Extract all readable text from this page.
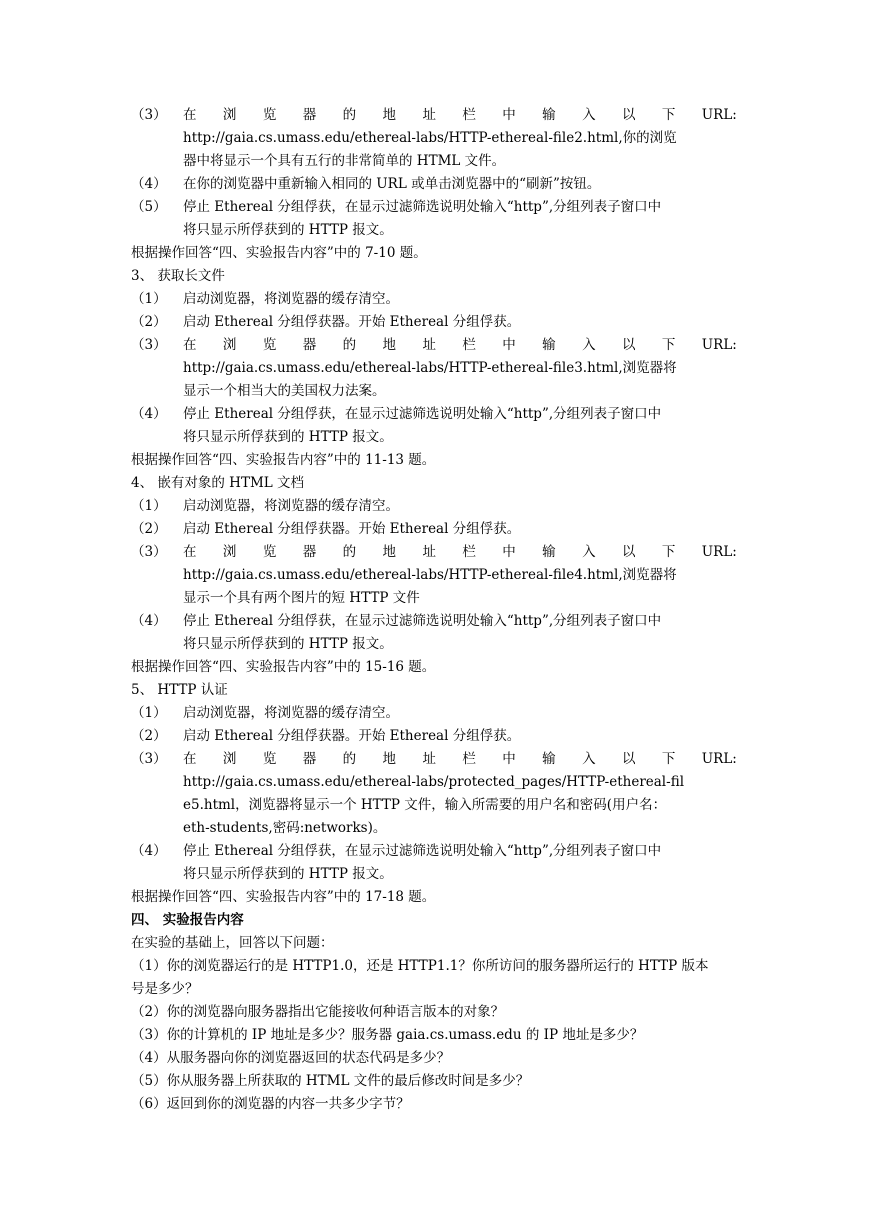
（3）	在 浏 览 器 的 地 址 栏 中 输 入 以 下 URL:
http://gaia.cs.umass.edu/ethereal-labs/HTTP-ethereal-file2.html,你的浏览
器中将显示一个具有五行的非常简单的 HTML 文件。
（4）	在你的浏览器中重新输入相同的 URL 或单击浏览器中的“刷新”按钮。
（5）	停止 Ethereal 分组俘获，在显示过滤筛选说明处输入“http”,分组列表子窗口中
将只显示所俘获到的 HTTP 报文。
根据操作回答“四、实验报告内容”中的 7-10 题。
3、 获取长文件
（1）	启动浏览器，将浏览器的缓存清空。
（2）	启动 Ethereal 分组俘获器。开始 Ethereal 分组俘获。
（3）	在 浏 览 器 的 地 址 栏 中 输 入 以 下 URL:
http://gaia.cs.umass.edu/ethereal-labs/HTTP-ethereal-file3.html,浏览器将
显示一个相当大的美国权力法案。
（4）	停止 Ethereal 分组俘获，在显示过滤筛选说明处输入“http”,分组列表子窗口中
将只显示所俘获到的 HTTP 报文。
根据操作回答“四、实验报告内容”中的 11-13 题。
4、 嵌有对象的 HTML 文档
（1）	启动浏览器，将浏览器的缓存清空。
（2）	启动 Ethereal 分组俘获器。开始 Ethereal 分组俘获。
（3）	在 浏 览 器 的 地 址 栏 中 输 入 以 下 URL:
http://gaia.cs.umass.edu/ethereal-labs/HTTP-ethereal-file4.html,浏览器将
显示一个具有两个图片的短 HTTP 文件
（4）	停止 Ethereal 分组俘获，在显示过滤筛选说明处输入“http”,分组列表子窗口中
将只显示所俘获到的 HTTP 报文。
根据操作回答“四、实验报告内容”中的 15-16 题。
5、 HTTP 认证
（1）	启动浏览器，将浏览器的缓存清空。
（2）	启动 Ethereal 分组俘获器。开始 Ethereal 分组俘获。
（3）	在 浏 览 器 的 地 址 栏 中 输 入 以 下 URL:
http://gaia.cs.umass.edu/ethereal-labs/protected_pages/HTTP-ethereal-fil
e5.html，浏览器将显示一个 HTTP 文件，输入所需要的用户名和密码(用户名：
eth-students,密码:networks)。
（4）	停止 Ethereal 分组俘获，在显示过滤筛选说明处输入“http”,分组列表子窗口中
将只显示所俘获到的 HTTP 报文。
根据操作回答“四、实验报告内容”中的 17-18 题。
四、 实验报告内容
在实验的基础上，回答以下问题：
（1）你的浏览器运行的是 HTTP1.0，还是 HTTP1.1？你所访问的服务器所运行的 HTTP 版本
号是多少？
（2）你的浏览器向服务器指出它能接收何种语言版本的对象？
（3）你的计算机的 IP 地址是多少？服务器 gaia.cs.umass.edu 的 IP 地址是多少？
（4）从服务器向你的浏览器返回的状态代码是多少？
（5）你从服务器上所获取的 HTML 文件的最后修改时间是多少？
（6）返回到你的浏览器的内容一共多少字节？
